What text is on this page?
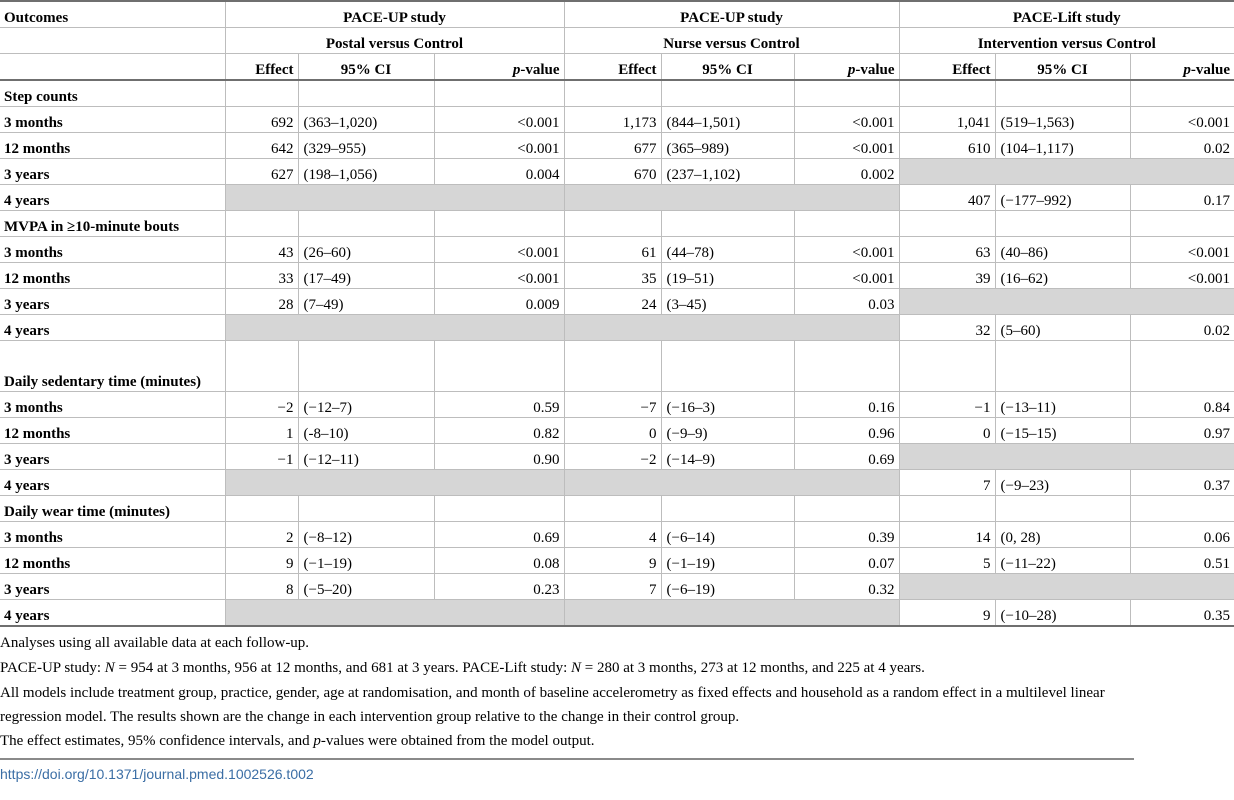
Outcomes	PACE-UP study			PACE-UP study			PACE-Lift study		
	Postal versus Control			Nurse versus Control			Intervention versus Control		
	Effect	95% CI	p-value	Effect	95% CI	p-value	Effect	95% CI	p-value
Step counts									
3 months	692	(363–1,020)	<0.001	1,173	(844–1,501)	<0.001	1,041	(519–1,563)	<0.001
12 months	642	(329–955)	<0.001	677	(365–989)	<0.001	610	(104–1,117)	0.02
3 years	627	(198–1,056)	0.004	670	(237–1,102)	0.002			
4 years							407	(−177–992)	0.17
MVPA in ≥10-minute bouts									
3 months	43	(26–60)	<0.001	61	(44–78)	<0.001	63	(40–86)	<0.001
12 months	33	(17–49)	<0.001	35	(19–51)	<0.001	39	(16–62)	<0.001
3 years	28	(7–49)	0.009	24	(3–45)	0.03			
4 years							32	(5–60)	0.02
Daily sedentary time (minutes)									
3 months	−2	(−12–7)	0.59	−7	(−16–3)	0.16	−1	(−13–11)	0.84
12 months	1	(-8–10)	0.82	0	(−9–9)	0.96	0	(−15–15)	0.97
3 years	−1	(−12–11)	0.90	−2	(−14–9)	0.69			
4 years							7	(−9–23)	0.37
Daily wear time (minutes)									
3 months	2	(−8–12)	0.69	4	(−6–14)	0.39	14	(0, 28)	0.06
12 months	9	(−1–19)	0.08	9	(−1–19)	0.07	5	(−11–22)	0.51
3 years	8	(−5–20)	0.23	7	(−6–19)	0.32			
4 years							9	(−10–28)	0.35

Analyses using all available data at each follow-up.

PACE-UP study: N = 954 at 3 months, 956 at 12 months, and 681 at 3 years. PACE-Lift study: N = 280 at 3 months, 273 at 12 months, and 225 at 4 years.

All models include treatment group, practice, gender, age at randomisation, and month of baseline accelerometry as fixed effects and household as a random effect in a multilevel linear regression model. The results shown are the change in each intervention group relative to the change in their control group.

The effect estimates, 95% confidence intervals, and p-values were obtained from the model output.

https://doi.org/10.1371/journal.pmed.1002526.t002
